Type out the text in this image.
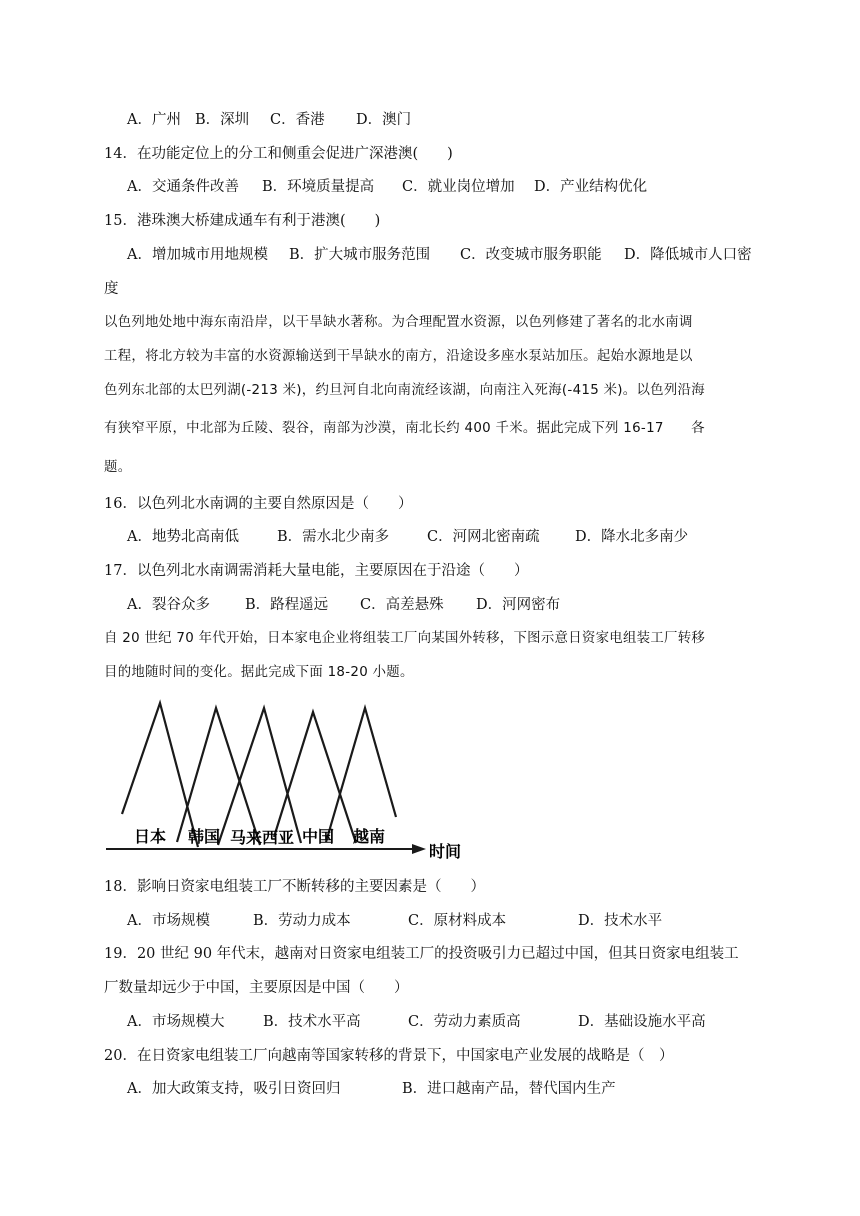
A．广州 B．深圳 C．香港 D．澳门
14．在功能定位上的分工和侧重会促进广深港澳(　　)
A．交通条件改善 B．环境质量提高 C．就业岗位增加 D．产业结构优化
15．港珠澳大桥建成通车有利于港澳(　　)
A．增加城市用地规模 B．扩大城市服务范围 C．改变城市服务职能 D．降低城市人口密
度
以色列地处地中海东南沿岸，以干旱缺水著称。为合理配置水资源，以色列修建了著名的北水南调
工程，将北方较为丰富的水资源输送到干旱缺水的南方，沿途设多座水泵站加压。起始水源地是以
色列东北部的太巴列湖(-213 米)，约旦河自北向南流经该湖，向南注入死海(-415 米)。以色列沿海
有狭窄平原，中北部为丘陵、裂谷，南部为沙漠，南北长约 400 千米。据此完成下列 16-17　　各
题。
16．以色列北水南调的主要自然原因是（　　）
A．地势北高南低	B．需水北少南多	C．河网北密南疏 D．降水北多南少
17．以色列北水南调需消耗大量电能，主要原因在于沿途（　　）
A．裂谷众多 B．路程遥远 C．高差悬殊 D．河网密布
自 20 世纪 70 年代开始，日本家电企业将组装工厂向某国外转移，下图示意日资家电组装工厂转移
目的地随时间的变化。据此完成下面 18-20 小题。
日本 韩国 马来西亚 中国 越南
时间
18．影响日资家电组装工厂不断转移的主要因素是（　　）
A．市场规模	B．劳动力成本	C．原材料成本	D．技术水平
19．20 世纪 90 年代末，越南对日资家电组装工厂的投资吸引力已超过中国，但其日资家电组装工
厂数量却远少于中国，主要原因是中国（　　）
A．市场规模大	B．技术水平高	C．劳动力素质高	D．基础设施水平高
20．在日资家电组装工厂向越南等国家转移的背景下，中国家电产业发展的战略是（　）
A．加大政策支持，吸引日资回归	B．进口越南产品，替代国内生产
